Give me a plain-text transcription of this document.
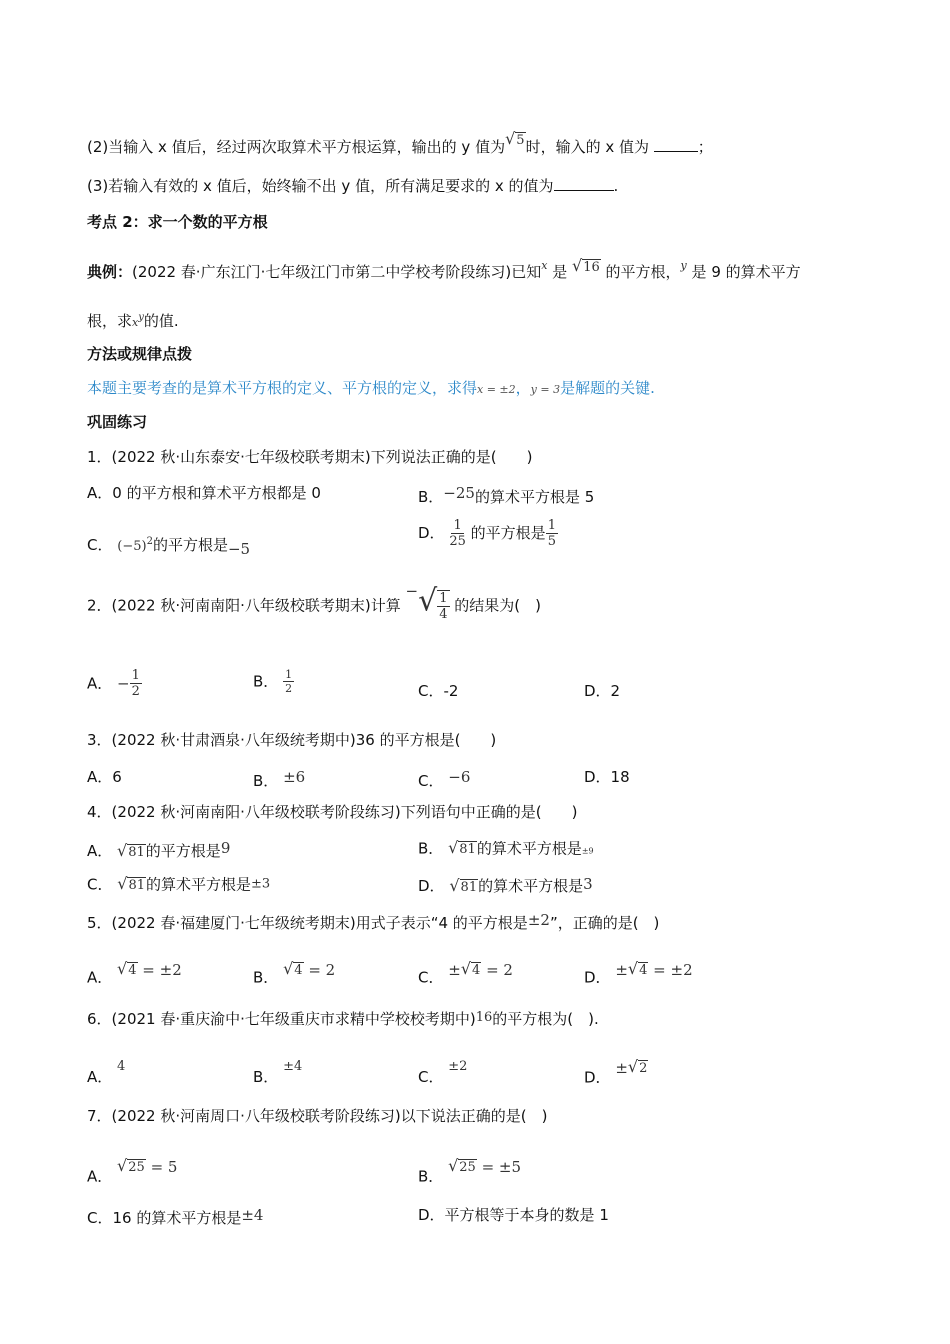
(2)当输入 x 值后，经过两次取算术平方根运算，输出的 y 值为√5时，输入的 x 值为	；
(3)若输入有效的 x 值后，始终输不出 y 值，所有满足要求的 x 的值为	.
考点 2：求一个数的平方根
典例：(2022 春·广东江门·七年级江门市第二中学校考阶段练习)已知$^x$ 是 √16 的平方根，$^y$ 是 9 的算术平方
根，求$x^y$的值.
方法或规律点拨
本题主要考查的是算术平方根的定义、平方根的定义，求得x = ±2，y = 3是解题的关键.
巩固练习
1．(2022 秋·山东泰安·七年级校联考期末)下列说法正确的是(　　)
A．0 的平方根和算术平方根都是 0	B．−25的算术平方根是 5
C． $(-5)^2$的平方根是−5
D． $\frac{1}{25}$ 的平方根是 $\frac{1}{5}$
2．(2022 秋·河南南阳·八年级校联考期末)计算 −√ $\frac{1}{4}$ 的结果为(　)
A． − $\frac{1}{2}$	B． $\frac{1}{2}$	C．-2	D．2
3．(2022 秋·甘肃酒泉·八年级统考期中)36 的平方根是(　　)
A．6	B． ±6	C． −6	D．18
4．(2022 秋·河南南阳·八年级校联考阶段练习)下列语句中正确的是(　　)
A． √81的平方根是9	B． √81的算术平方根是±9
C． √81的算术平方根是±3	D． √81的算术平方根是3
5．(2022 春·福建厦门·七年级统考期末)用式子表示“4 的平方根是±2”，正确的是(　)
A． √4 = ±2	B． √4 = 2	C． ±√4 = 2	D． ±√4 = ±2
6．(2021 春·重庆渝中·七年级重庆市求精中学校校考期中)16的平方根为(　).
A． 4
B． ±4
C． ±2
D． ±√2
7．(2022 秋·河南周口·八年级校联考阶段练习)以下说法正确的是(　)
A． √25 = 5
B． √25 = ±5
C．16 的算术平方根是±4	D．平方根等于本身的数是 1
